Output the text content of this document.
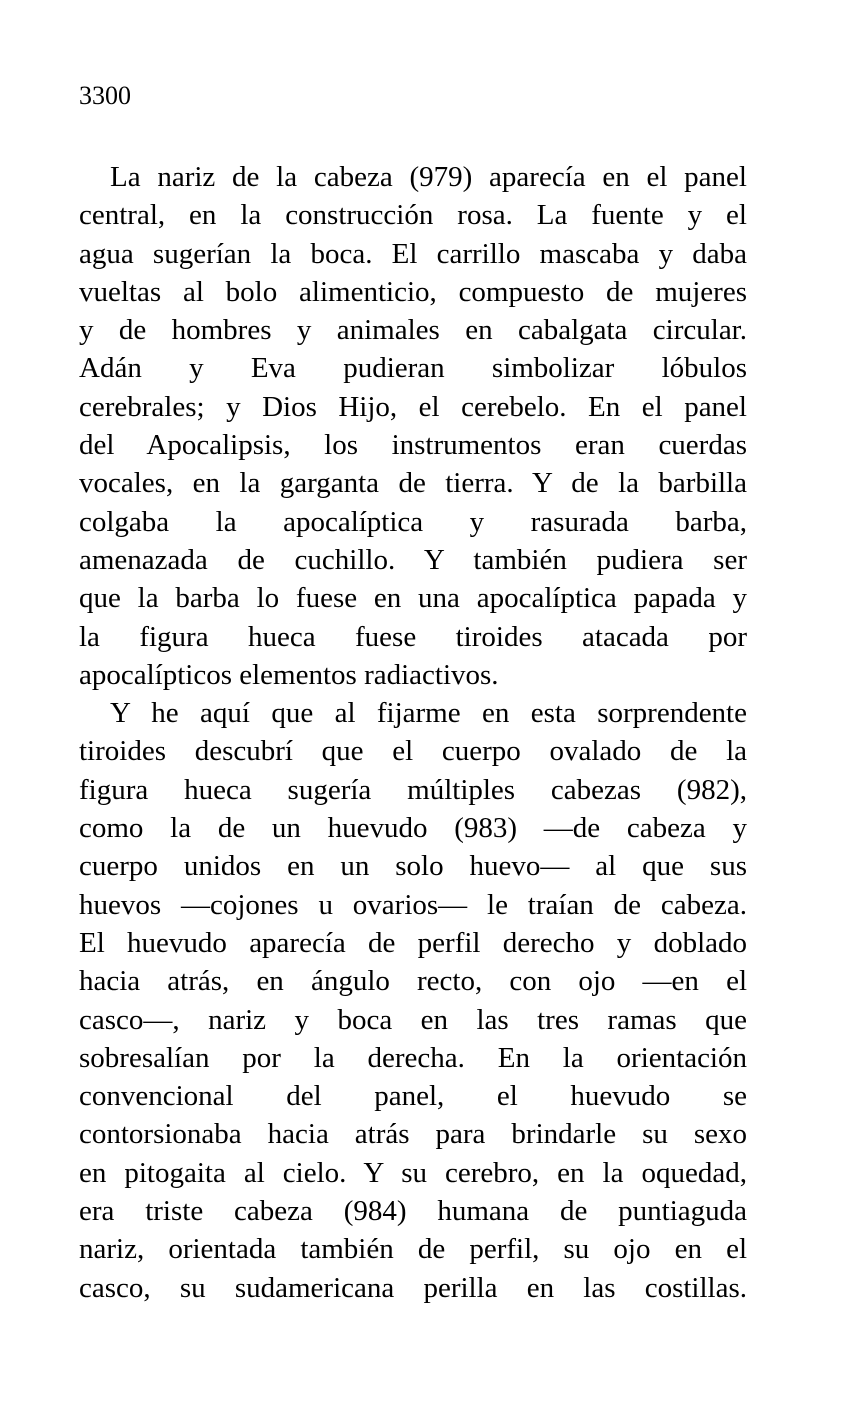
3300

La nariz de la cabeza (979) aparecía en el panel
central, en la construcción rosa. La fuente y el
agua sugerían la boca. El carrillo mascaba y daba
vueltas al bolo alimenticio, compuesto de mujeres
y de hombres y animales en cabalgata circular.
Adán y Eva pudieran simbolizar lóbulos
cerebrales; y Dios Hijo, el cerebelo. En el panel
del Apocalipsis, los instrumentos eran cuerdas
vocales, en la garganta de tierra. Y de la barbilla
colgaba la apocalíptica y rasurada barba,
amenazada de cuchillo. Y también pudiera ser
que la barba lo fuese en una apocalíptica papada y
la figura hueca fuese tiroides atacada por
apocalípticos elementos radiactivos.
Y he aquí que al fijarme en esta sorprendente
tiroides descubrí que el cuerpo ovalado de la
figura hueca sugería múltiples cabezas (982),
como la de un huevudo (983) —de cabeza y
cuerpo unidos en un solo huevo— al que sus
huevos —cojones u ovarios— le traían de cabeza.
El huevudo aparecía de perfil derecho y doblado
hacia atrás, en ángulo recto, con ojo —en el
casco—, nariz y boca en las tres ramas que
sobresalían por la derecha. En la orientación
convencional del panel, el huevudo se
contorsionaba hacia atrás para brindarle su sexo
en pitogaita al cielo. Y su cerebro, en la oquedad,
era triste cabeza (984) humana de puntiaguda
nariz, orientada también de perfil, su ojo en el
casco, su sudamericana perilla en las costillas.
